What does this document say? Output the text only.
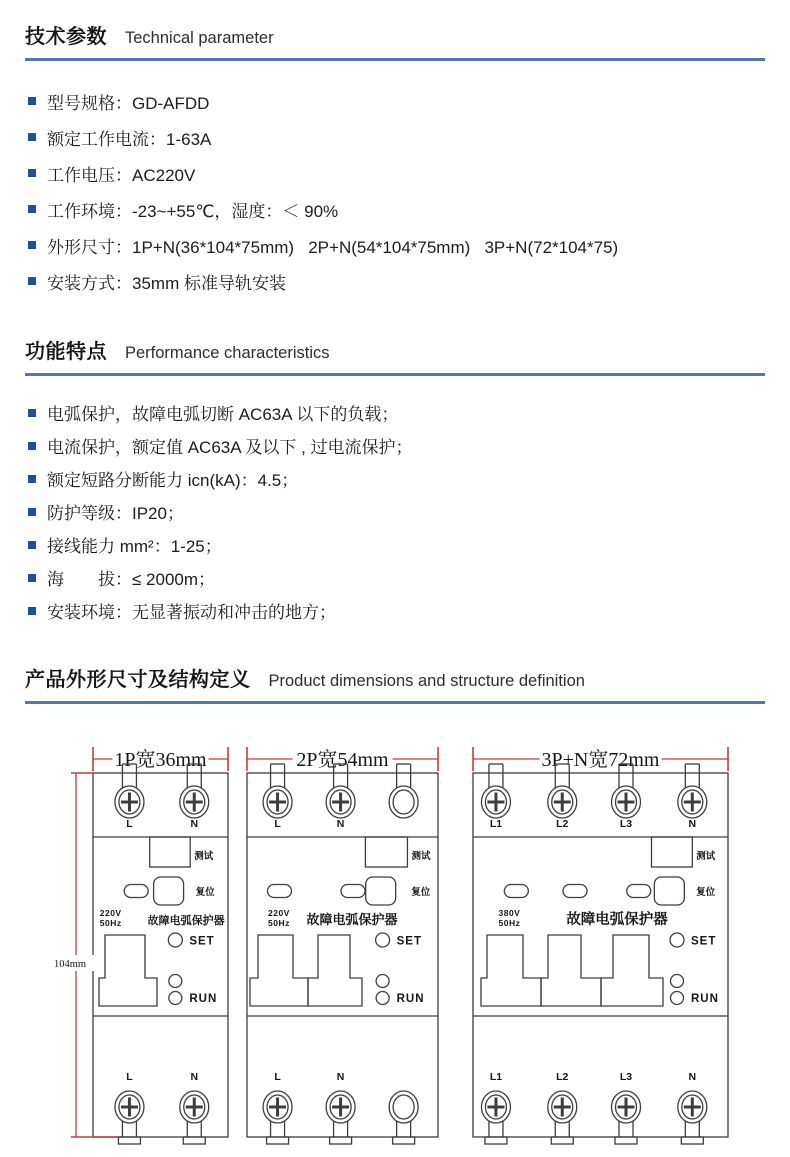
技术参数 Technical parameter
型号规格：GD-AFDD
额定工作电流：1-63A
工作电压：AC220V
工作环境：-23~+55℃，湿度：＜ 90%
外形尺寸：1P+N(36*104*75mm)   2P+N(54*104*75mm)   3P+N(72*104*75)
安装方式：35mm 标准导轨安装
功能特点 Performance characteristics
电弧保护，故障电弧切断 AC63A 以下的负载；
电流保护，额定值 AC63A 及以下 , 过电流保护；
额定短路分断能力 icn(kA)：4.5；
防护等级：IP20；
接线能力 mm²：1-25；
海　　拔：≤ 2000m；
安装环境：无显著振动和冲击的地方；
产品外形尺寸及结构定义 Product dimensions and structure definition
1P宽36mm
L	N
测试
复位
220V
50Hz 故障电弧保护器
SET
RUN
L	N
2P宽54mm
L	N
测试
复位
220V
50Hz 故障电弧保护器
SET
RUN
L	N
3P+N宽72mm
L1	L2	L3	N
测试
复位
380V
50Hz	故障电弧保护器
SET
RUN
L1	L2	L3	N
104mm
